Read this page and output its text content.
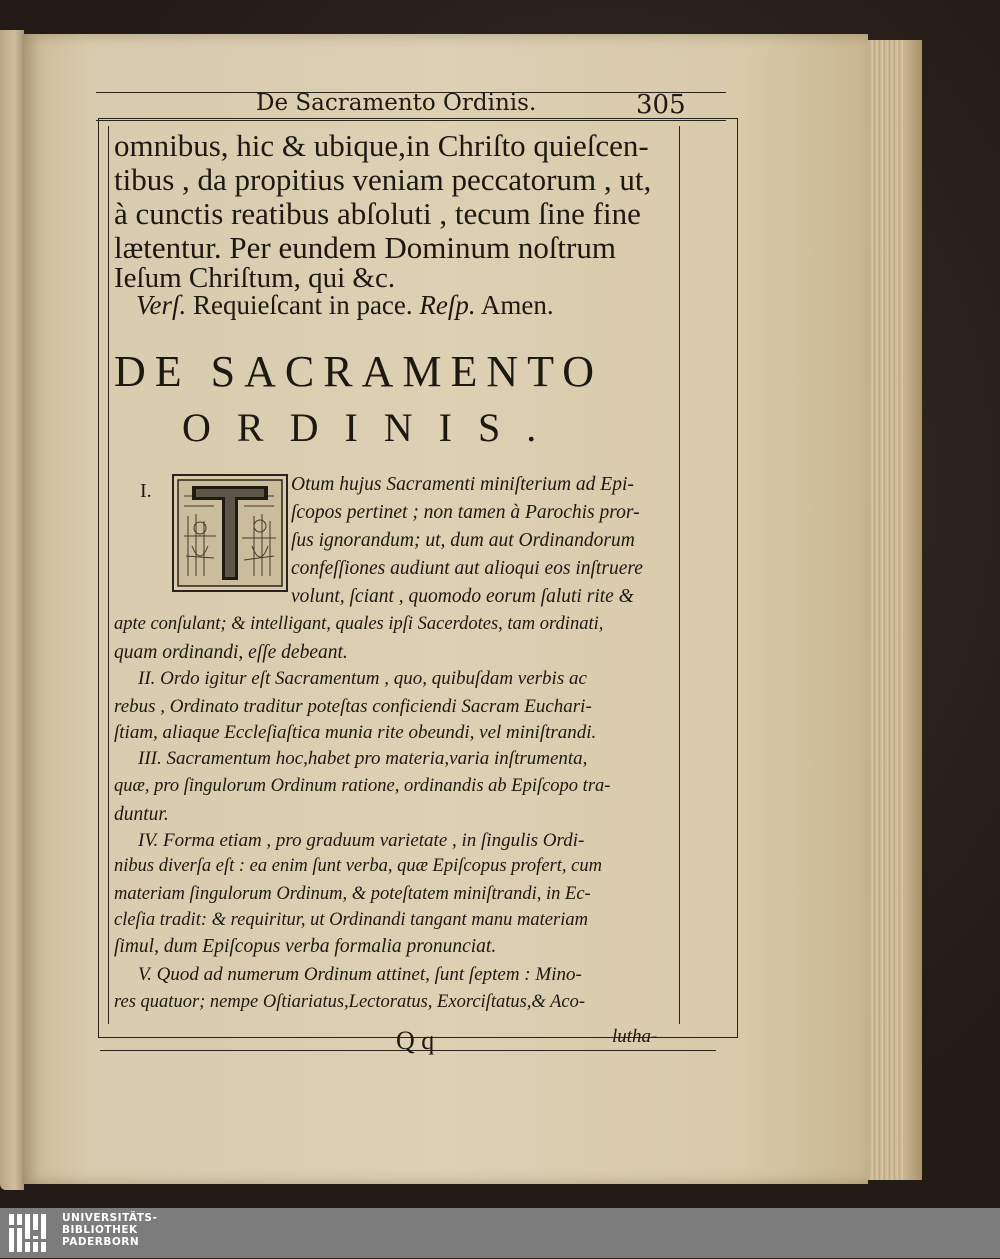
De Sacramento Ordinis.	305
omnibus, hic & ubique,in Chriſto quieſcen-
tibus , da propitius veniam peccatorum , ut,
à cunctis reatibus abſoluti , tecum ſine fine
lætentur. Per eundem Dominum noſtrum
Ieſum Chriſtum, qui &c.
Verſ. Requieſcant in pace. Reſp. Amen.
DE SACRAMENTO
ORDINIS.
I.	Otum hujus Sacramenti miniſterium ad Epi-
ſcopos pertinet ; non tamen à Parochis pror-
ſus ignorandum; ut, dum aut Ordinandorum
confeſſiones audiunt aut alioqui eos inſtruere
volunt, ſciant , quomodo eorum ſaluti rite &
apte conſulant; & intelligant, quales ipſi Sacerdotes, tam ordinati,
quam ordinandi, eſſe debeant.
II. Ordo igitur eſt Sacramentum , quo, quibuſdam verbis ac
rebus , Ordinato traditur poteſtas conficiendi Sacram Euchari-
ſtiam, aliaque Eccleſiaſtica munia rite obeundi, vel miniſtrandi.
III. Sacramentum hoc,habet pro materia,varia inſtrumenta,
quæ, pro ſingulorum Ordinum ratione, ordinandis ab Epiſcopo tra-
duntur.
IV. Forma etiam , pro graduum varietate , in ſingulis Ordi-
nibus diverſa eſt : ea enim ſunt verba, quæ Epiſcopus profert, cum
materiam ſingulorum Ordinum, & poteſtatem miniſtrandi, in Ec-
cleſia tradit: & requiritur, ut Ordinandi tangant manu materiam
ſimul, dum Epiſcopus verba formalia pronunciat.
V. Quod ad numerum Ordinum attinet, ſunt ſeptem : Mino-
res quatuor; nempe Oſtiariatus,Lectoratus, Exorciſtatus,& Aco-
Q q	lutha-
UNIVERSITÄTS-
BIBLIOTHEK
PADERBORN
